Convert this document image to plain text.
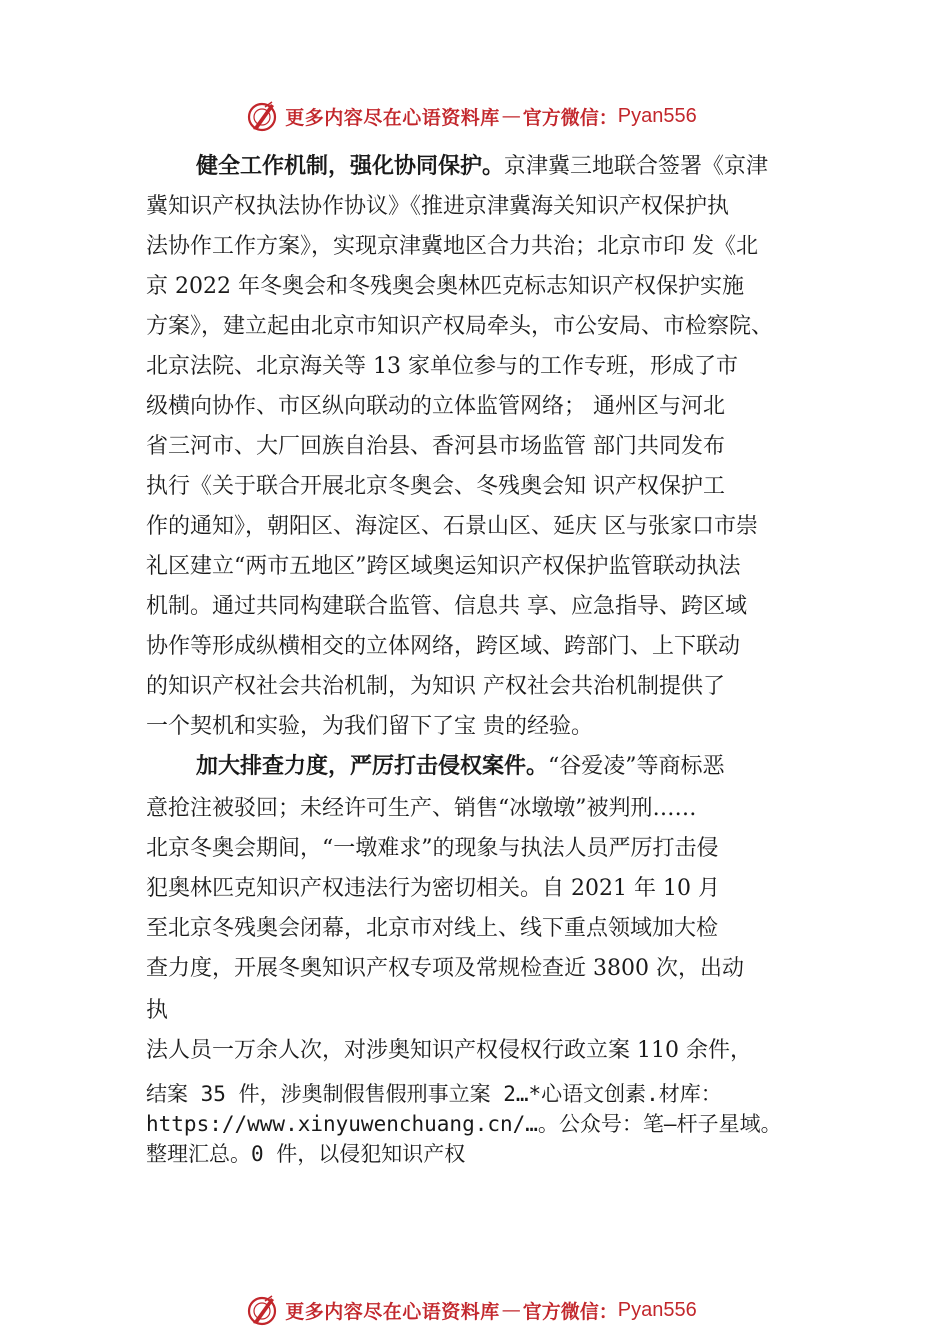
更多内容尽在心语资料库 — 官方微信： Pyan556
健全工作机制，强化协同保护。京津冀三地联合签署《京津
冀知识产权执法协作协议》《推进京津冀海关知识产权保护执
法协作工作方案》，实现京津冀地区合力共治；北京市印 发《北
京 2022 年冬奥会和冬残奥会奥林匹克标志知识产权保护实施
方案》，建立起由北京市知识产权局牵头，市公安局、市检察院、
北京法院、北京海关等 13 家单位参与的工作专班，形成了市
级横向协作、市区纵向联动的立体监管网络； 通州区与河北
省三河市、大厂回族自治县、香河县市场监管 部门共同发布
执行《关于联合开展北京冬奥会、冬残奥会知 识产权保护工
作的通知》，朝阳区、海淀区、石景山区、延庆 区与张家口市崇
礼区建立“两市五地区”跨区域奥运知识产权保护监管联动执法
机制。通过共同构建联合监管、信息共 享、应急指导、跨区域
协作等形成纵横相交的立体网络，跨区域、跨部门、上下联动
的知识产权社会共治机制，为知识 产权社会共治机制提供了
一个契机和实验，为我们留下了宝 贵的经验。
加大排查力度，严厉打击侵权案件。“谷爱凌”等商标恶
意抢注被驳回；未经许可生产、销售“冰墩墩”被判刑……
北京冬奥会期间，“一墩难求”的现象与执法人员严厉打击侵
犯奥林匹克知识产权违法行为密切相关。自 2021 年 10 月
至北京冬残奥会闭幕，北京市对线上、线下重点领域加大检
查力度，开展冬奥知识产权专项及常规检查近 3800 次，出动
执
法人员一万余人次，对涉奥知识产权侵权行政立案 110 余件，
结案 35 件，涉奥制假售假刑事立案 2…*心语文创素.材库：
https://www.xinyuwenchuang.cn/…。公众号：笔—杆子星域。
整理汇总。0 件，以侵犯知识产权
更多内容尽在心语资料库 — 官方微信： Pyan556
